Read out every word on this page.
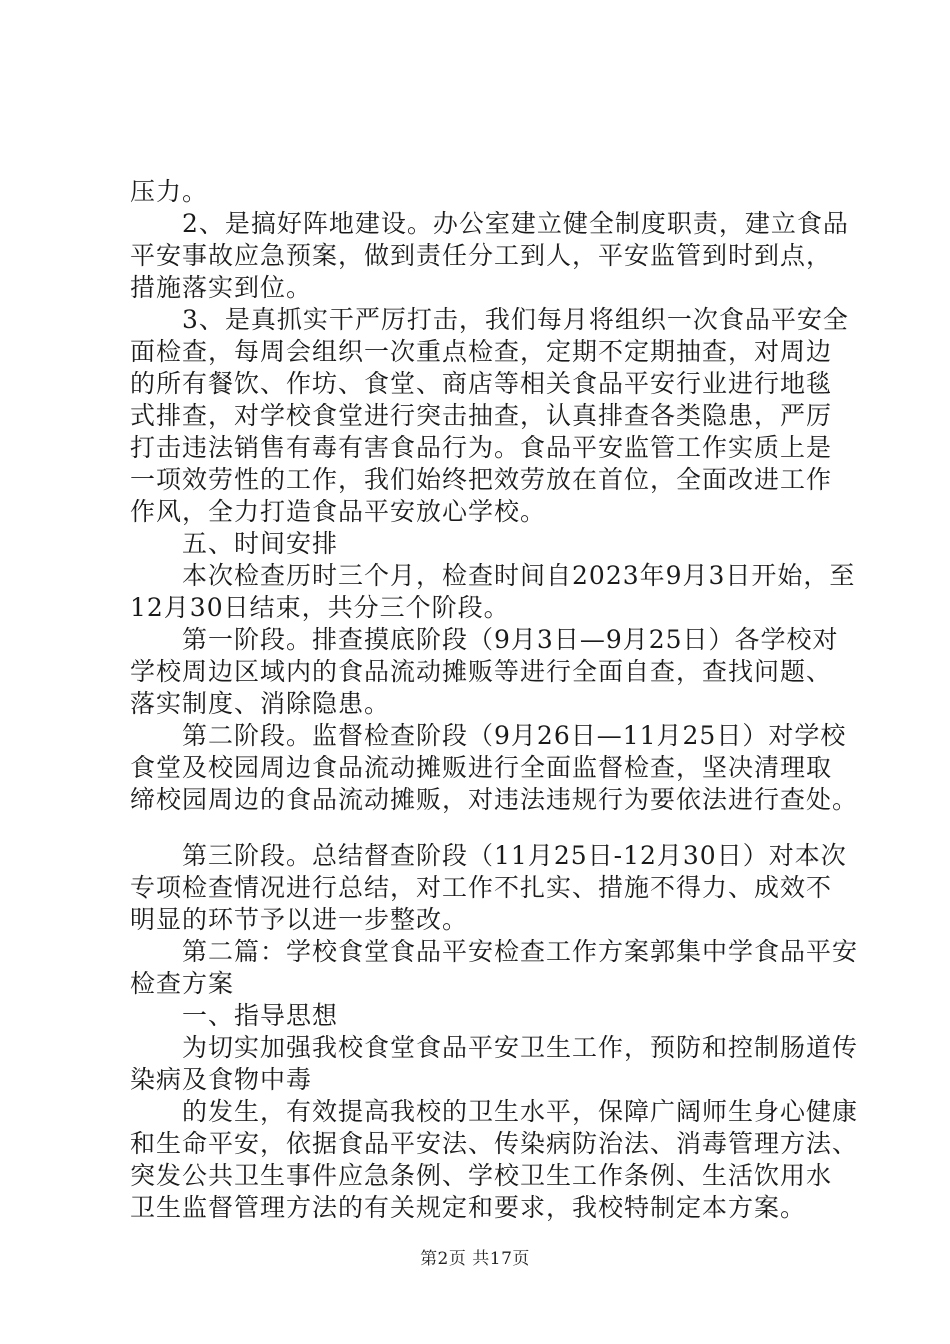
压力。
　　2、是搞好阵地建设。办公室建立健全制度职责，建立食品
平安事故应急预案，做到责任分工到人，平安监管到时到点，
措施落实到位。
　　3、是真抓实干严厉打击，我们每月将组织一次食品平安全
面检查，每周会组织一次重点检查，定期不定期抽查，对周边
的所有餐饮、作坊、食堂、商店等相关食品平安行业进行地毯
式排查，对学校食堂进行突击抽查，认真排查各类隐患，严厉
打击违法销售有毒有害食品行为。食品平安监管工作实质上是
一项效劳性的工作，我们始终把效劳放在首位，全面改进工作
作风，全力打造食品平安放心学校。
　　五、时间安排
　　本次检查历时三个月，检查时间自2023年9月3日开始，至
12月30日结束，共分三个阶段。
　　第一阶段。排查摸底阶段（9月3日—9月25日）各学校对
学校周边区域内的食品流动摊贩等进行全面自查，查找问题、
落实制度、消除隐患。
　　第二阶段。监督检查阶段（9月26日—11月25日）对学校
食堂及校园周边食品流动摊贩进行全面监督检查，坚决清理取
缔校园周边的食品流动摊贩，对违法违规行为要依法进行查处。
　　第三阶段。总结督查阶段（11月25日-12月30日）对本次
专项检查情况进行总结，对工作不扎实、措施不得力、成效不
明显的环节予以进一步整改。
　　第二篇：学校食堂食品平安检查工作方案郭集中学食品平安
检查方案
　　一、指导思想
　　为切实加强我校食堂食品平安卫生工作，预防和控制肠道传
染病及食物中毒
　　的发生，有效提高我校的卫生水平，保障广阔师生身心健康
和生命平安，依据食品平安法、传染病防治法、消毒管理方法、
突发公共卫生事件应急条例、学校卫生工作条例、生活饮用水
卫生监督管理方法的有关规定和要求，我校特制定本方案。
第2页 共17页
